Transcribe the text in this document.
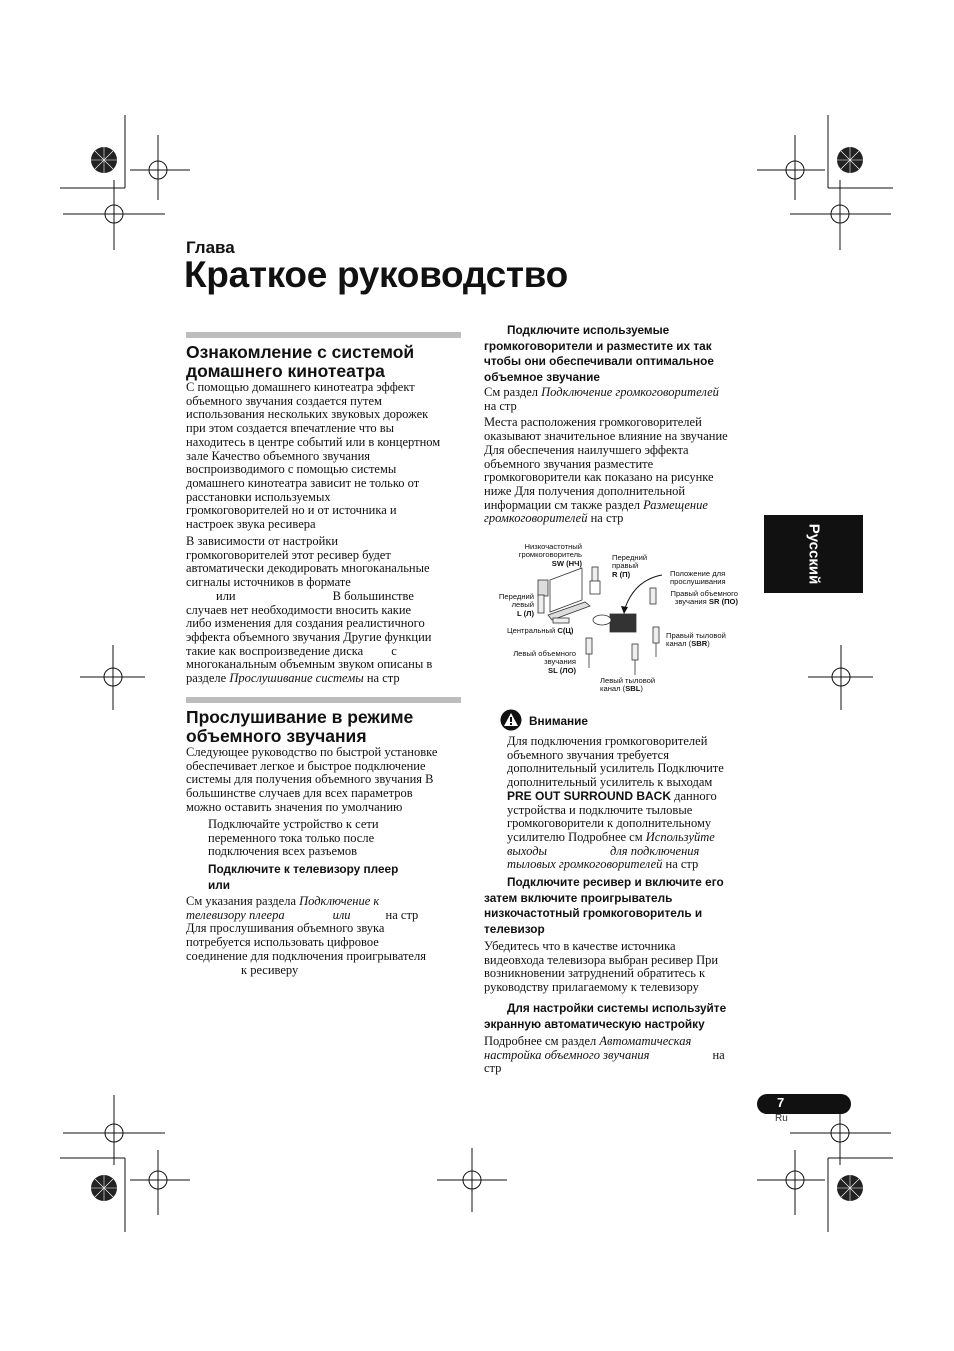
Глава
Краткое руководство
Русский
Ознакомление с системой
домашнего кинотеатра
С помощью домашнего кинотеатра эффект
объемного звучания создается путем
использования нескольких звуковых дорожек
при этом создается впечатление что вы
находитесь в центре событий или в концертном
зале Качество объемного звучания
воспроизводимого с помощью системы
домашнего кинотеатра зависит не только от
расстановки используемых
громкоговорителей но и от источника и
настроек звука ресивера
В зависимости от настройки
громкоговорителей этот ресивер будет
автоматически декодировать многоканальные
сигналы источников в формате
или	В большинстве
случаев нет необходимости вносить какие
либо изменения для создания реалистичного
эффекта объемного звучания Другие функции
такие как воспроизведение диска с
многоканальным объемным звуком описаны в
разделе Прослушивание системы на стр
Прослушивание в режиме
объемного звучания
Следующее руководство по быстрой установке
обеспечивает легкое и быстрое подключение
системы для получения объемного звучания В
большинстве случаев для всех параметров
можно оставить значения по умолчанию
Подключайте устройство к сети
переменного тока только после
подключения всех разъемов
Подключите к телевизору плеер
или
См указания раздела Подключение к
телевизору плеера	или	на стр
Для прослушивания объемного звука
потребуется использовать цифровое
соединение для подключения проигрывателя
к ресиверу
Подключите используемые
громкоговорители и разместите их так
чтобы они обеспечивали оптимальное
объемное звучание
См раздел Подключение громкоговорителей
на стр
Места расположения громкоговорителей
оказывают значительное влияние на звучание
Для обеспечения наилучшего эффекта
объемного звучания разместите
громкоговорители как показано на рисунке
ниже Для получения дополнительной
информации см также раздел Размещение
громкоговорителей на стр
Низкочастотный
громкоговоритель
SW (НЧ)
Передний
правый
R (П)	Положение для
прослушивания
Передний
левый
L (Л)
Правый объемного
звучания SR (ПО)
Центральный C(Ц)
Правый тыловой
канал (SBR)
Левый объемного
звучания
SL (ЛО)
Левый тыловой
канал (SBL)
Внимание
Для подключения громкоговорителей
объемного звучания требуется
дополнительный усилитель Подключите
дополнительный усилитель к выходам
PRE OUT SURROUND BACK данного
устройства и подключите тыловые
громкоговорители к дополнительному
усилителю Подробнее см Используйте
выходы	для подключения
тыловых громкоговорителей на стр
Подключите ресивер и включите его
затем включите проигрыватель
низкочастотный громкоговоритель и
телевизор
Убедитесь что в качестве источника
видеовхода телевизора выбран ресивер При
возникновении затруднений обратитесь к
руководству прилагаемому к телевизору
Для настройки системы используйте
экранную автоматическую настройку
Подробнее см раздел Автоматическая
настройка объемного звучания	на
стр
7
Ru
